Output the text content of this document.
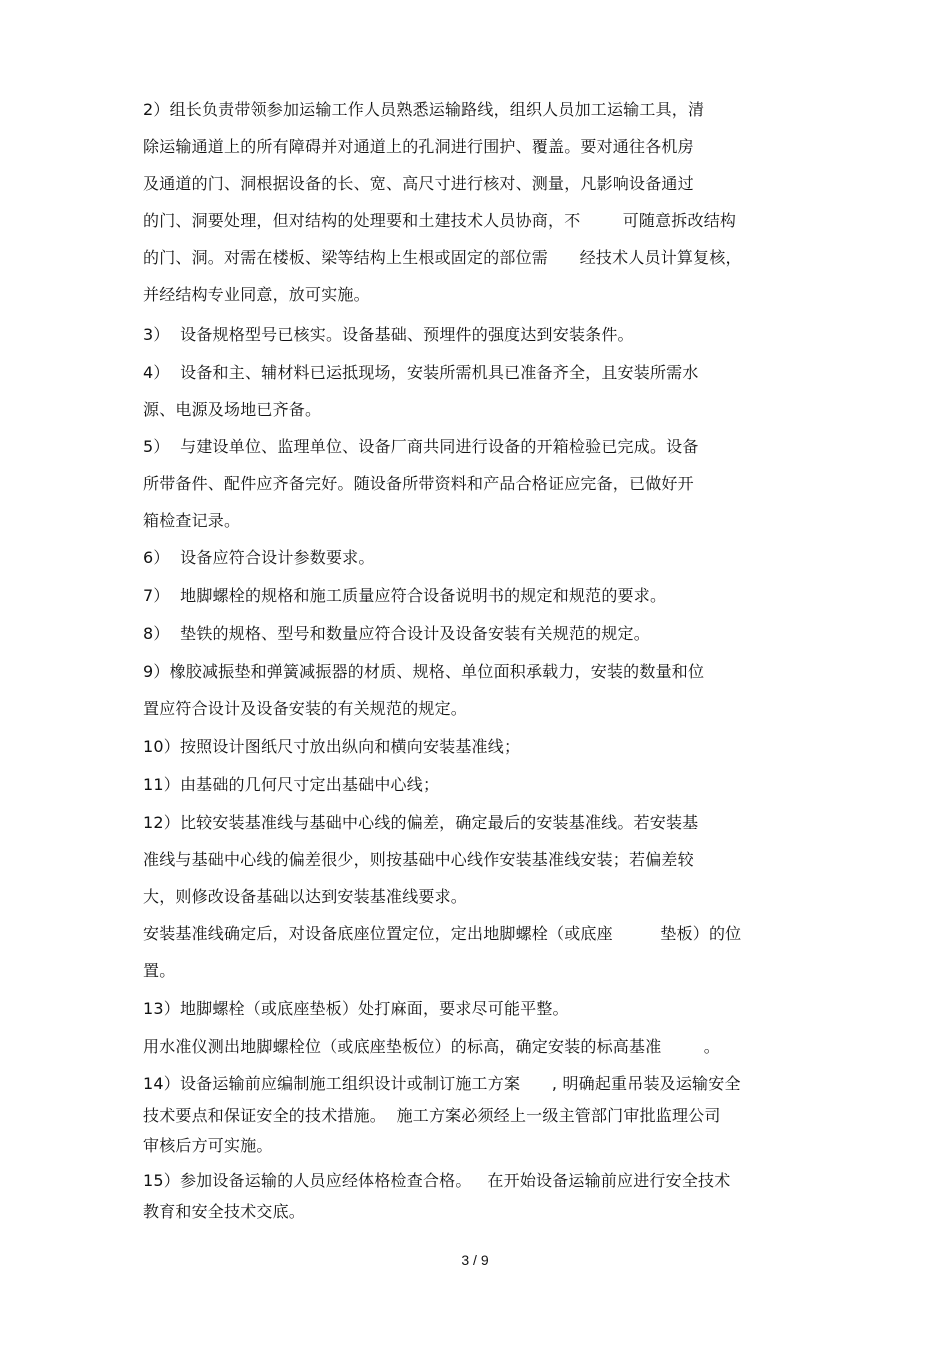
2）组长负责带领参加运输工作人员熟悉运输路线，组织人员加工运输工具，清
除运输通道上的所有障碍并对通道上的孔洞进行围护、覆盖。要对通往各机房
及通道的门、洞根据设备的长、宽、高尺寸进行核对、测量，凡影响设备通过
的门、洞要处理，但对结构的处理要和土建技术人员协商，不        可随意拆改结构
的门、洞。对需在楼板、梁等结构上生根或固定的部位需      经技术人员计算复核，
并经结构专业同意，放可实施。
3）  设备规格型号已核实。设备基础、预埋件的强度达到安装条件。
4）  设备和主、辅材料已运抵现场，安装所需机具已准备齐全，且安装所需水
源、电源及场地已齐备。
5）  与建设单位、监理单位、设备厂商共同进行设备的开箱检验已完成。设备
所带备件、配件应齐备完好。随设备所带资料和产品合格证应完备，已做好开
箱检查记录。
6）  设备应符合设计参数要求。
7）  地脚螺栓的规格和施工质量应符合设备说明书的规定和规范的要求。
8）  垫铁的规格、型号和数量应符合设计及设备安装有关规范的规定。
9）橡胶减振垫和弹簧减振器的材质、规格、单位面积承载力，安装的数量和位
置应符合设计及设备安装的有关规范的规定。
10）按照设计图纸尺寸放出纵向和横向安装基准线；
11）由基础的几何尺寸定出基础中心线；
12）比较安装基准线与基础中心线的偏差，确定最后的安装基准线。若安装基
准线与基础中心线的偏差很少，则按基础中心线作安装基准线安装；若偏差较
大，则修改设备基础以达到安装基准线要求。
安装基准线确定后，对设备底座位置定位，定出地脚螺栓（或底座         垫板）的位
置。
13）地脚螺栓（或底座垫板）处打麻面，要求尽可能平整。
用水准仪测出地脚螺栓位（或底座垫板位）的标高，确定安装的标高基准        。
14）设备运输前应编制施工组织设计或制订施工方案      , 明确起重吊装及运输安全
技术要点和保证安全的技术措施。  施工方案必须经上一级主管部门审批监理公司
审核后方可实施。
15）参加设备运输的人员应经体格检查合格。   在开始设备运输前应进行安全技术
教育和安全技术交底。
3 / 9
